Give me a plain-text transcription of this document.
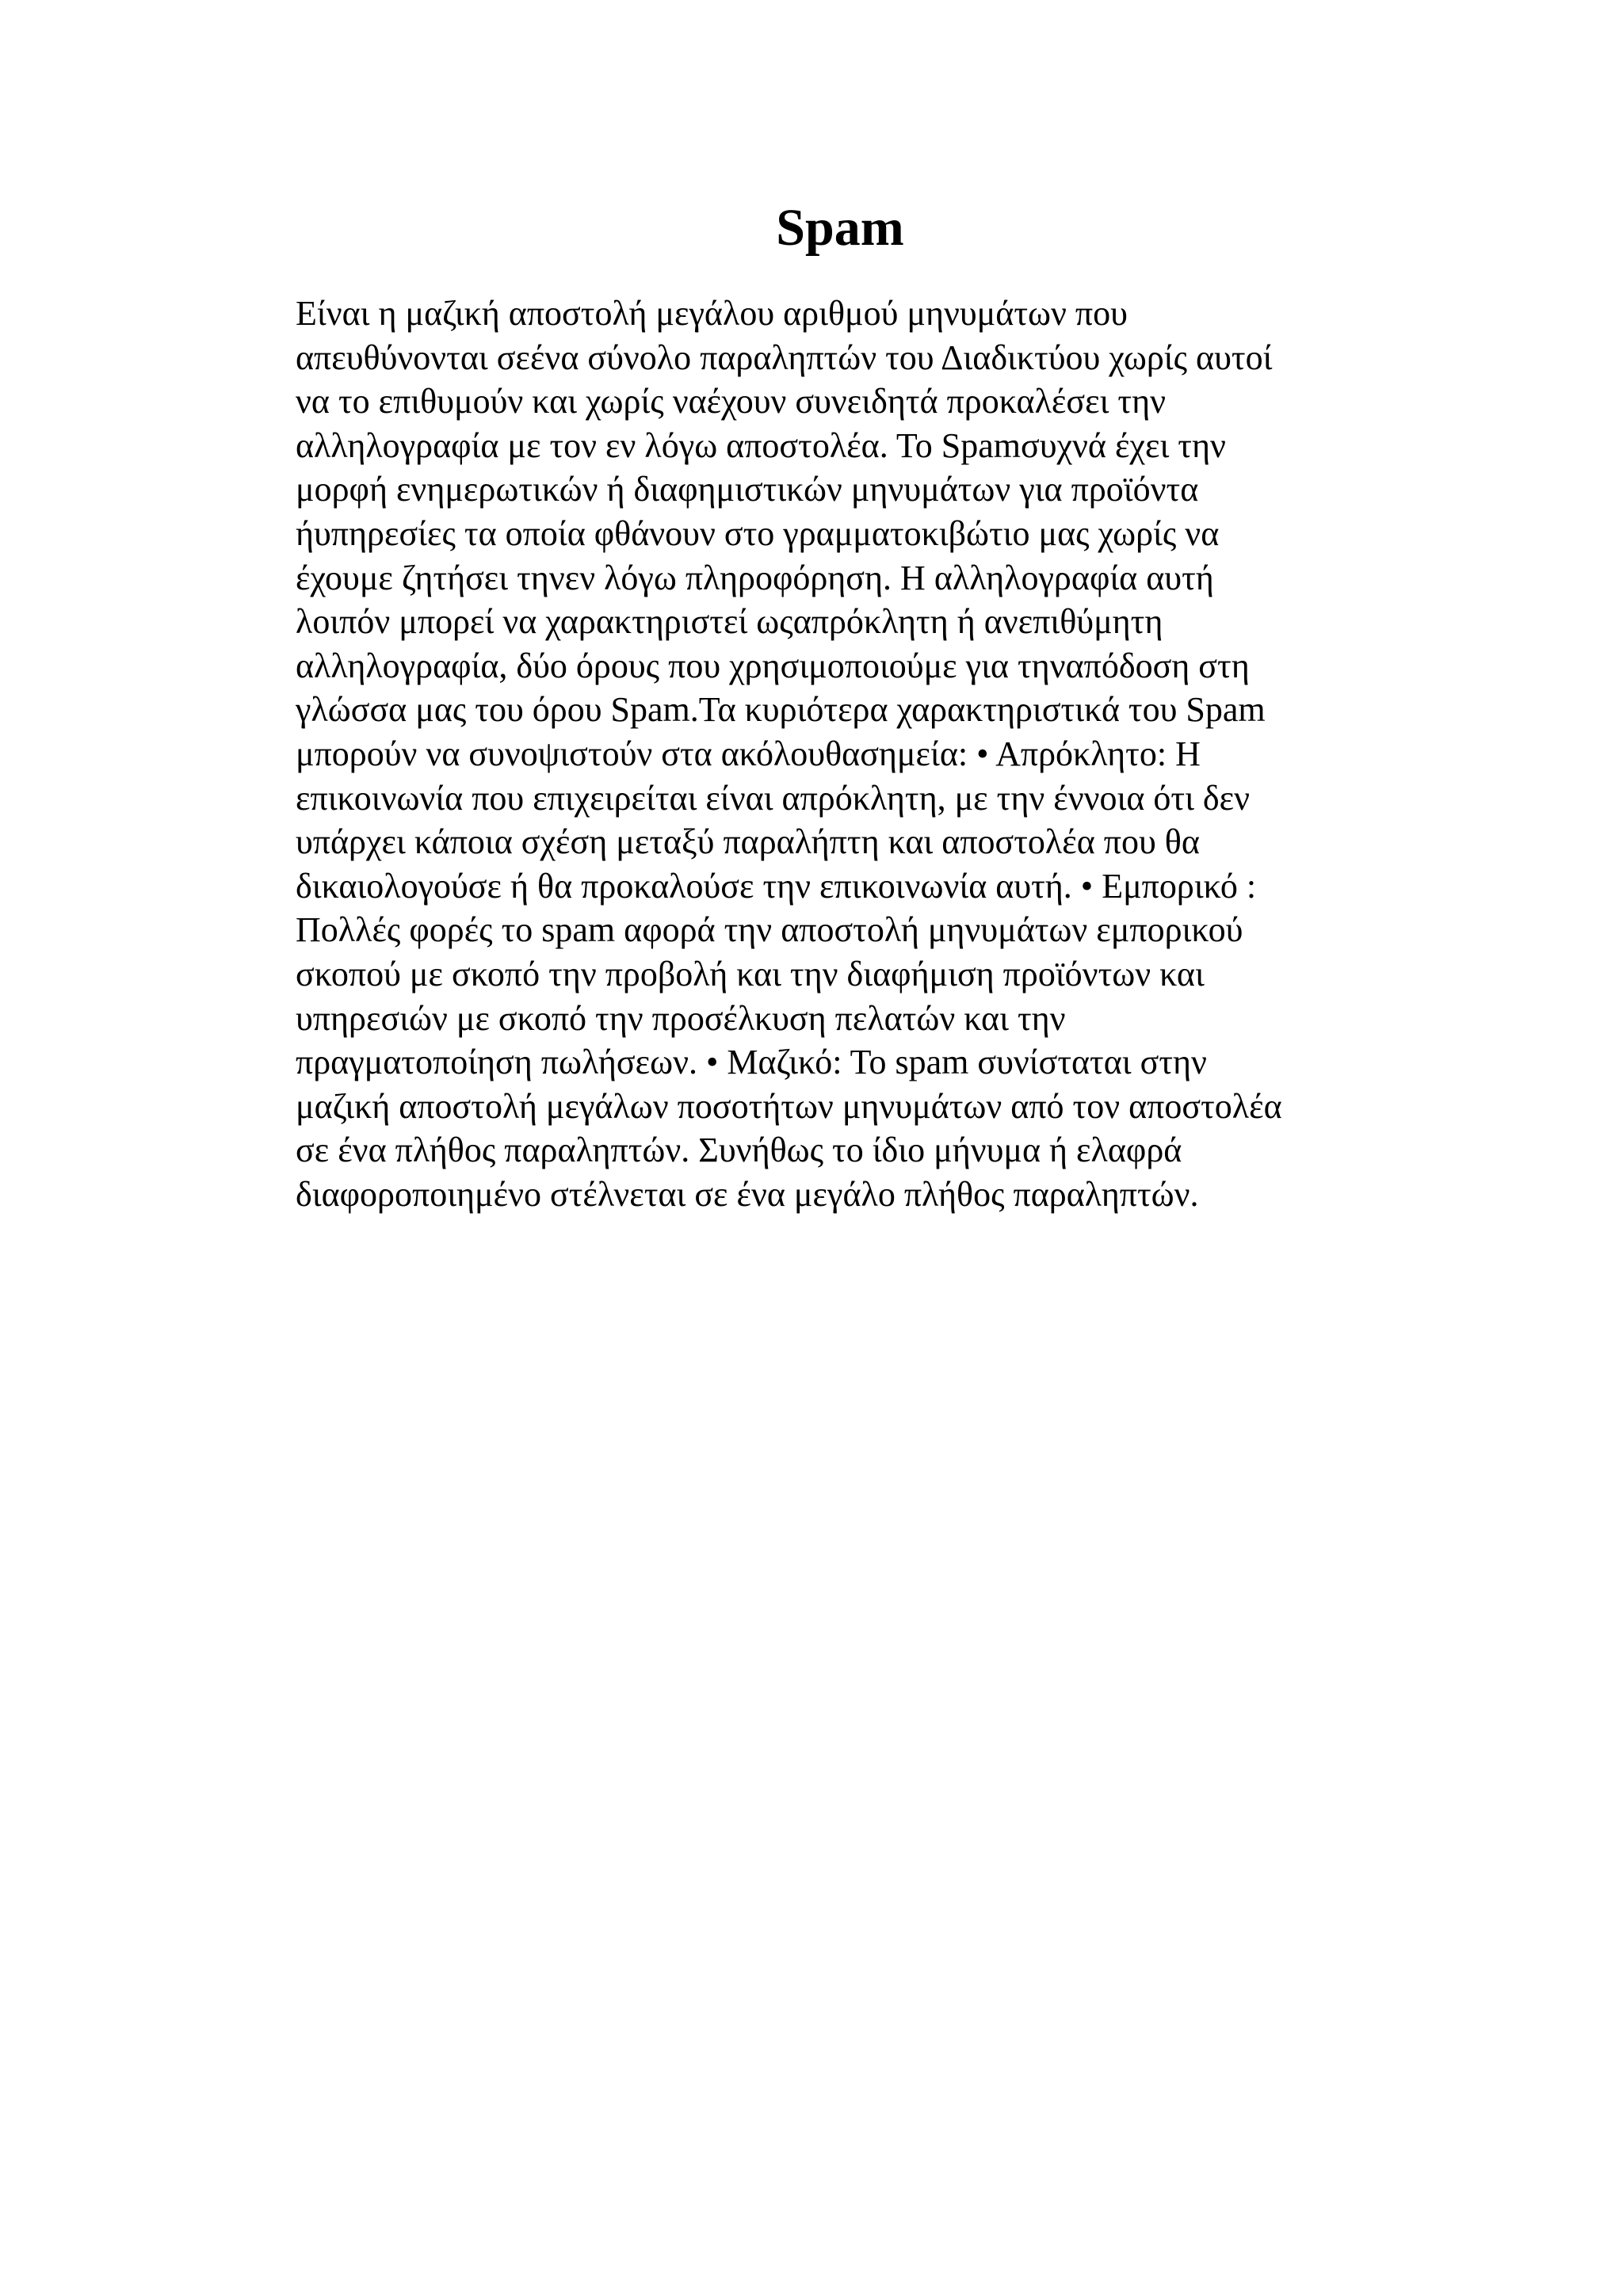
Spam
Είναι η μαζική αποστολή μεγάλου αριθμού μηνυμάτων που
απευθύνονται σεένα σύνολο παραληπτών του Διαδικτύου χωρίς αυτοί
να το επιθυμούν και χωρίς ναέχουν συνειδητά προκαλέσει την
αλληλογραφία με τον εν λόγω αποστολέα. Το Spamσυχνά έχει την
μορφή ενημερωτικών ή διαφημιστικών μηνυμάτων για προϊόντα
ήυπηρεσίες τα οποία φθάνουν στο γραμματοκιβώτιο μας χωρίς να
έχουμε ζητήσει τηνεν λόγω πληροφόρηση. Η αλληλογραφία αυτή
λοιπόν μπορεί να χαρακτηριστεί ωςαπρόκλητη ή ανεπιθύμητη
αλληλογραφία, δύο όρους που χρησιμοποιούμε για τηναπόδοση στη
γλώσσα μας του όρου Spam.Τα κυριότερα χαρακτηριστικά του Spam
μπορούν να συνοψιστούν στα ακόλουθασημεία: • Απρόκλητο: Η
επικοινωνία που επιχειρείται είναι απρόκλητη, με την έννοια ότι δεν
υπάρχει κάποια σχέση μεταξύ παραλήπτη και αποστολέα που θα
δικαιολογούσε ή θα προκαλούσε την επικοινωνία αυτή. • Εμπορικό :
Πολλές φορές το spam αφορά την αποστολή μηνυμάτων εμπορικού
σκοπού με σκοπό την προβολή και την διαφήμιση προϊόντων και
υπηρεσιών με σκοπό την προσέλκυση πελατών και την
πραγματοποίηση πωλήσεων. • Μαζικό: Το spam συνίσταται στην
μαζική αποστολή μεγάλων ποσοτήτων μηνυμάτων από τον αποστολέα
σε ένα πλήθος παραληπτών. Συνήθως το ίδιο μήνυμα ή ελαφρά
διαφοροποιημένο στέλνεται σε ένα μεγάλο πλήθος παραληπτών.
